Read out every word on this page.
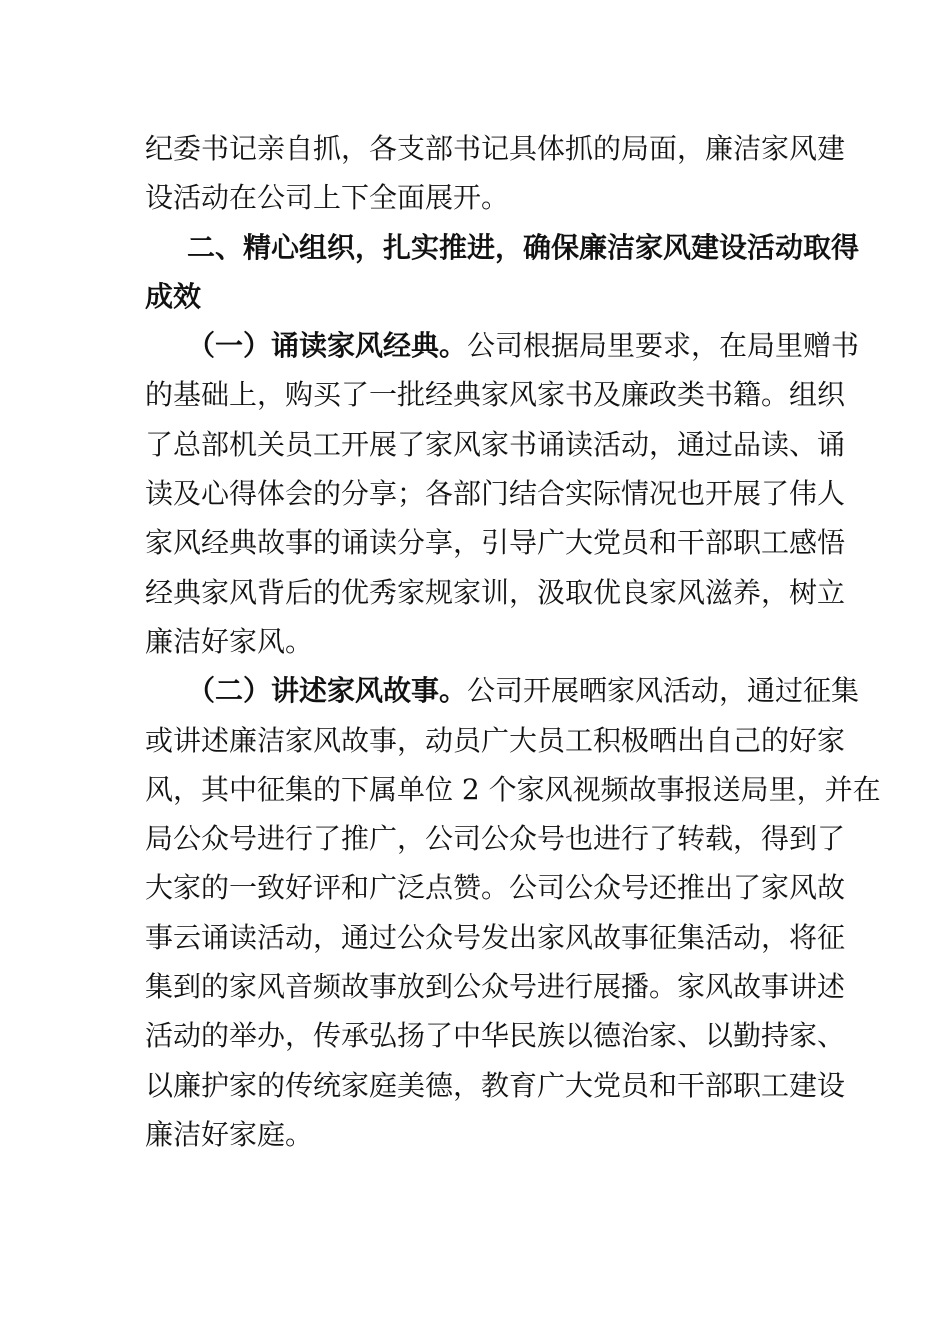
纪委书记亲自抓，各支部书记具体抓的局面，廉洁家风建
设活动在公司上下全面展开。
二、精心组织，扎实推进，确保廉洁家风建设活动取得
成效
（一）诵读家风经典。公司根据局里要求，在局里赠书
的基础上，购买了一批经典家风家书及廉政类书籍。组织
了总部机关员工开展了家风家书诵读活动，通过品读、诵
读及心得体会的分享；各部门结合实际情况也开展了伟人
家风经典故事的诵读分享，引导广大党员和干部职工感悟
经典家风背后的优秀家规家训，汲取优良家风滋养，树立
廉洁好家风。
（二）讲述家风故事。公司开展晒家风活动，通过征集
或讲述廉洁家风故事，动员广大员工积极晒出自己的好家
风，其中征集的下属单位 2 个家风视频故事报送局里，并在
局公众号进行了推广，公司公众号也进行了转载，得到了
大家的一致好评和广泛点赞。公司公众号还推出了家风故
事云诵读活动，通过公众号发出家风故事征集活动，将征
集到的家风音频故事放到公众号进行展播。家风故事讲述
活动的举办，传承弘扬了中华民族以德治家、以勤持家、
以廉护家的传统家庭美德，教育广大党员和干部职工建设
廉洁好家庭。
